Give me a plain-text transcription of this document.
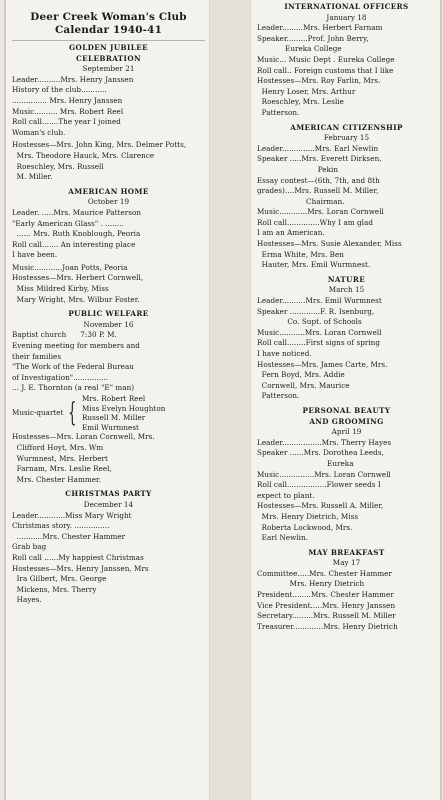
Deer Creek Woman's Club
Calendar 1940-41
GOLDEN JUBILEE
CELEBRATION
September 21
Leader..........Mrs. Henry Janssen
History of the club...........
............... Mrs. Henry Janssen
Music.......... Mrs. Robert Reel
Roll call.......The year I joined
Woman's club.
Hostesses—Mrs. John King, Mrs. Delmer Potts,
Mrs. Theodore Hauck, Mrs. Clarence
Roeschley, Mrs. Russell
M. Miller.
AMERICAN HOME
October 19
Leader. .....Mrs. Maurice Patterson
"Early American Glass" . ........
...... Mrs. Ruth Knoblough, Peoria
Roll call....... An interesting place
I have been.
Music............Joan Potts, Peoria
Hostesses—Mrs. Herbert Cornwell,
Miss Mildred Kirby, Miss
Mary Wright, Mrs. Wilbur Foster.
PUBLIC WELFARE
November 16
Baptist church      7:30 P. M.
Evening meeting for members and
their families
"The Work of the Federal Bureau
of Investigation"...............
... J. E. Thornton (a real "E" man)
Music-quartet { Mrs. Robert Reel
Miss Evelyn Houghton
Russell M. Miller
Emil Wurmnest
Hostesses—Mrs. Loran Cornwell, Mrs.
Clifford Hoyt, Mrs. Wm
Wurmnest, Mrs. Herbert
Farnam, Mrs. Leslie Reel,
Mrs. Chester Hammer.
CHRISTMAS PARTY
December 14
Leader............Miss Mary Wright
Christmas story. ...............
...........Mrs. Chester Hammer
Grab bag
Roll call ......My happiest Christmas
Hostesses—Mrs. Henry Janssen, Mrs
Ira Gilbert, Mrs. George
Mickens, Mrs. Therry
Hayes.
INTERNATIONAL OFFICERS
January 18
Leader.........Mrs. Herbert Farnam
Speaker.........Prof. John Berry,
Eureka College
Music... Music Dept . Eureka College
Roll call.. Foreign customs that I like
Hostesses—Mrs. Roy Farlin, Mrs.
Henry Loser, Mrs. Arthur
Roeschley, Mrs. Leslie
Patterson.
AMERICAN CITIZENSHIP
February 15
Leader..............Mrs. Earl Newlin
Speaker .....Mrs. Everett Dirksen,
Pekin
Essay contest—(6th, 7th, and 8th
grades)....Mrs. Russell M. Miller,
Chairman.
Music............Mrs. Loran Cornwell
Roll call..............Why I am glad
I am an American.
Hostesses—Mrs. Susie Alexander, Miss
Erma White, Mrs. Ben
Hauter, Mrs. Emil Wurmnest.
NATURE
March 15
Leader..........Mrs. Emil Wurmnest
Speaker .............F. R. Isenburg,
Co. Supt. of Schools
Music...........Mrs. Loran Cornwell
Roll call........First signs of spring
I have noticed.
Hostesses—Mrs. James Carte, Mrs.
Fern Boyd, Mrs. Addie
Cornwell, Mrs. Maurice
Patterson.
PERSONAL BEAUTY
AND GROOMING
April 19
Leader.................Mrs. Therry Hayes
Speaker ......Mrs. Dorothea Leeds,
Eureka
Music...............Mrs. Loran Cornwell
Roll call.................Flower seeds I
expect to plant.
Hostesses—Mrs. Russell A. Miller,
Mrs. Henry Dietrich, Miss
Roberta Lockwood, Mrs.
Earl Newlin.
MAY BREAKFAST
May 17
Committee.....Mrs. Chester Hammer
Mrs. Henry Dietrich
President........Mrs. Chester Hammer
Vice President.....Mrs. Henry Janssen
Secretary.........Mrs. Russell M. Miller
Treasurer.............Mrs. Henry Dietrich
